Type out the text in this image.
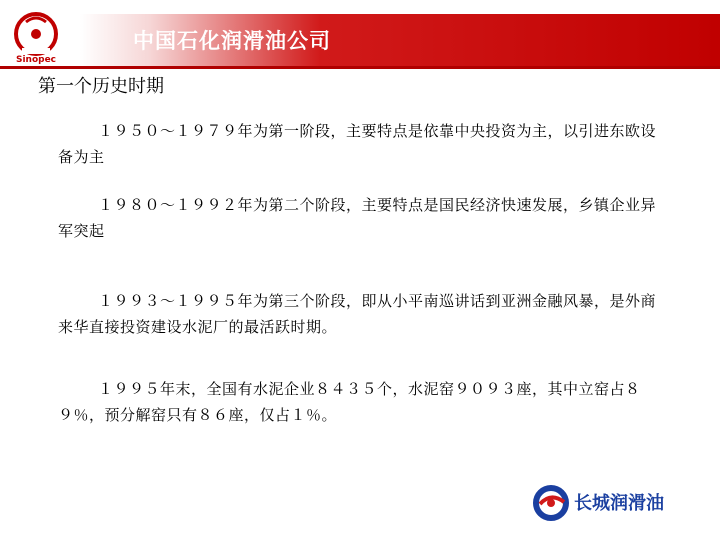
Sinopec
中国石化润滑油公司
第一个历史时期

１９５０～１９７９年为第一阶段，主要特点是依靠中央投资为主，以引进东欧设备为主

１９８０～１９９２年为第二个阶段，主要特点是国民经济快速发展，乡镇企业异军突起

１９９３～１９９５年为第三个阶段，即从小平南巡讲话到亚洲金融风暴，是外商来华直接投资建设水泥厂的最活跃时期。

１９９５年末，全国有水泥企业８４３５个，水泥窑９０９３座，其中立窑占８９％，预分解窑只有８６座，仅占１％。

长城润滑油
